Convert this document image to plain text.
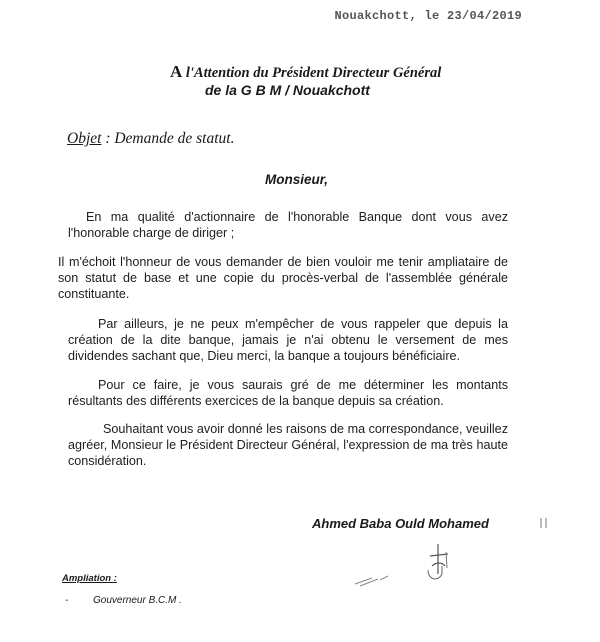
Nouakchott, le 23/04/2019
A l'Attention du Président Directeur Général
de la G B M / Nouakchott
Objet : Demande de statut.
Monsieur,
En ma qualité d'actionnaire de l'honorable Banque dont vous avez l'honorable charge de diriger ;
Il m'échoit l'honneur de vous demander de bien vouloir me tenir ampliataire de son statut de base et une copie du procès-verbal de l'assemblée générale constituante.
Par ailleurs, je ne peux m'empêcher de vous rappeler que depuis la création de la dite banque, jamais je n'ai obtenu le versement de mes dividendes sachant que, Dieu merci, la banque a toujours bénéficiaire.
Pour ce faire, je vous saurais gré de me déterminer les montants résultants des différents exercices de la banque depuis sa création.
Souhaitant vous avoir donné les raisons de ma correspondance, veuillez agréer, Monsieur le Président Directeur Général, l'expression de ma très haute considération.
Ahmed Baba Ould Mohamed
Ampliation :
- Gouverneur B.C.M .
